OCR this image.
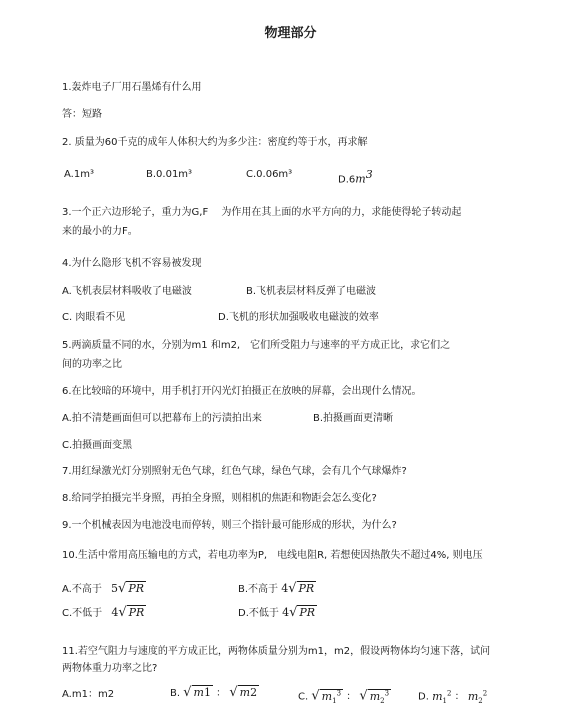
物理部分
1.轰炸电子厂用石墨烯有什么用
答：短路
2. 质量为60千克的成年人体积大约为多少注：密度约等于水，再求解
A.1m³	B.0.01m³	C.0.06m³	$D.6m^3$
3.一个正六边形轮子，重力为G,F　 为作用在其上面的水平方向的力，求能使得轮子转动起
来的最小的力F。
4.为什么隐形飞机不容易被发现
A.飞机表层材料吸收了电磁波	B.飞机表层材料反弹了电磁波
C. 肉眼看不见	D.飞机的形状加强吸收电磁波的效率
5.两滴质量不同的水，分别为m1 和m2,　它们所受阻力与速率的平方成正比，求它们之
间的功率之比
6.在比较暗的环境中，用手机打开闪光灯拍摄正在放映的屏幕，会出现什么情况。
A.拍不清楚画面但可以把幕布上的污渍拍出来	B.拍摄画面更清晰
C.拍摄画面变黑
7.用红绿激光灯分别照射无色气球，红色气球，绿色气球，会有几个气球爆炸?
8.给同学拍摄完半身照，再拍全身照，则相机的焦距和物距会怎么变化?
9.一个机械表因为电池没电而停转，则三个指针最可能形成的形状，为什么?
10.生活中常用高压输电的方式，若电功率为P,　电线电阻R, 若想使因热散失不超过4%, 则电压
A.不高于 5√ PR	B.不高于 4√ PR
C.不低于 4√ PR	D.不低于 4√ PR
11.若空气阻力与速度的平方成正比，两物体质量分别为m1，m2，假设两物体均匀速下落，试问
两物体重力功率之比?
A.m1：m2	B. √ m1 ： √ m2	C. √ $m_1^3$ ： √ $m_2^3$	D. $m_1^2$ ： $m_2^2$
